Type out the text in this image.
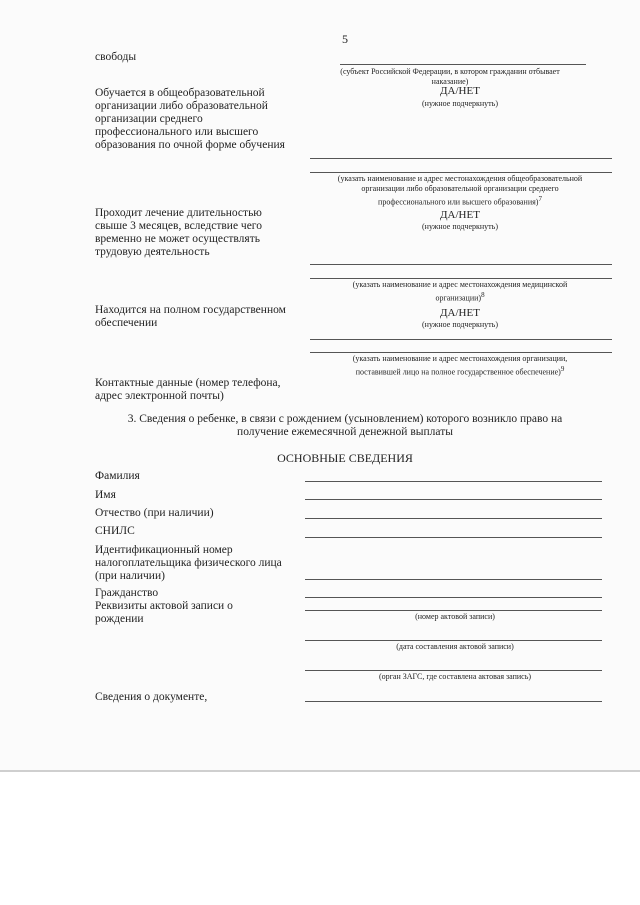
5
свободы
(субъект Российской Федерации, в котором гражданин отбывает
наказание)
Обучается в общеобразовательной
организации либо образовательной
организации среднего
профессионального или высшего
образования по очной форме обучения
ДА/НЕТ
(нужное подчеркнуть)
(указать наименование и адрес местонахождения общеобразовательной
организации либо образовательной организации среднего
профессионального или высшего образования)$^7$
Проходит лечение длительностью
свыше 3 месяцев, вследствие чего
временно не может осуществлять
трудовую деятельность
ДА/НЕТ
(нужное подчеркнуть)
(указать наименование и адрес местонахождения медицинской
организации)$^8$
Находится на полном государственном
обеспечении
ДА/НЕТ
(нужное подчеркнуть)
(указать наименование и адрес местонахождения организации,
поставившей лицо на полное государственное обеспечение)$^9$
Контактные данные (номер телефона,
адрес электронной почты)
3. Сведения о ребенке, в связи с рождением (усыновлением) которого возникло право на
получение ежемесячной денежной выплаты
ОСНОВНЫЕ СВЕДЕНИЯ
Фамилия
Имя
Отчество (при наличии)
СНИЛС
Идентификационный номер
налогоплательщика физического лица
(при наличии)
Гражданство
Реквизиты актовой записи о
рождении	(номер актовой записи)
(дата составления актовой записи)
(орган ЗАГС, где составлена актовая запись)
Сведения о документе,
